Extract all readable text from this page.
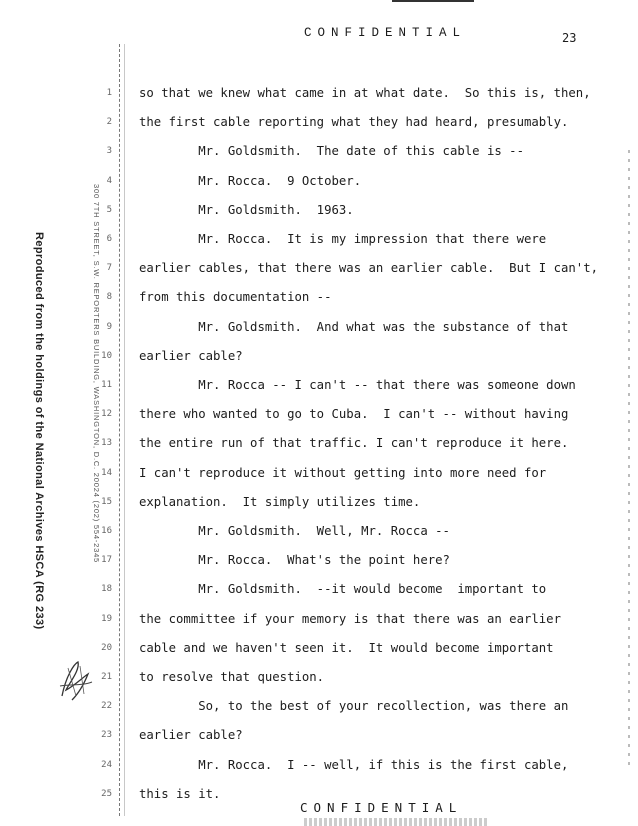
CONFIDENTIAL	23
Reproduced from the holdings of the National Archives HSCA (RG 233)	300 7TH STREET, S.W. REPORTERS BUILDING, WASHINGTON, D.C. 20024 (202) 554-2345
1
2
3
4
5
6
7
8
9
10
11
12
13
14
15
16
17
18
19
20
21
22
23
24
25
so that we knew what came in at what date.  So this is, then,
the first cable reporting what they had heard, presumably.
Mr. Goldsmith.  The date of this cable is --
Mr. Rocca.  9 October.
Mr. Goldsmith.  1963.
Mr. Rocca.  It is my impression that there were
earlier cables, that there was an earlier cable.  But I can't,
from this documentation --
Mr. Goldsmith.  And what was the substance of that
earlier cable?
Mr. Rocca -- I can't -- that there was someone down
there who wanted to go to Cuba.  I can't -- without having
the entire run of that traffic. I can't reproduce it here.
I can't reproduce it without getting into more need for
explanation.  It simply utilizes time.
Mr. Goldsmith.  Well, Mr. Rocca --
Mr. Rocca.  What's the point here?
Mr. Goldsmith.  --it would become  important to
the committee if your memory is that there was an earlier
cable and we haven't seen it.  It would become important
to resolve that question.
So, to the best of your recollection, was there an
earlier cable?
Mr. Rocca.  I -- well, if this is the first cable,
this is it.
CONFIDENTIAL
